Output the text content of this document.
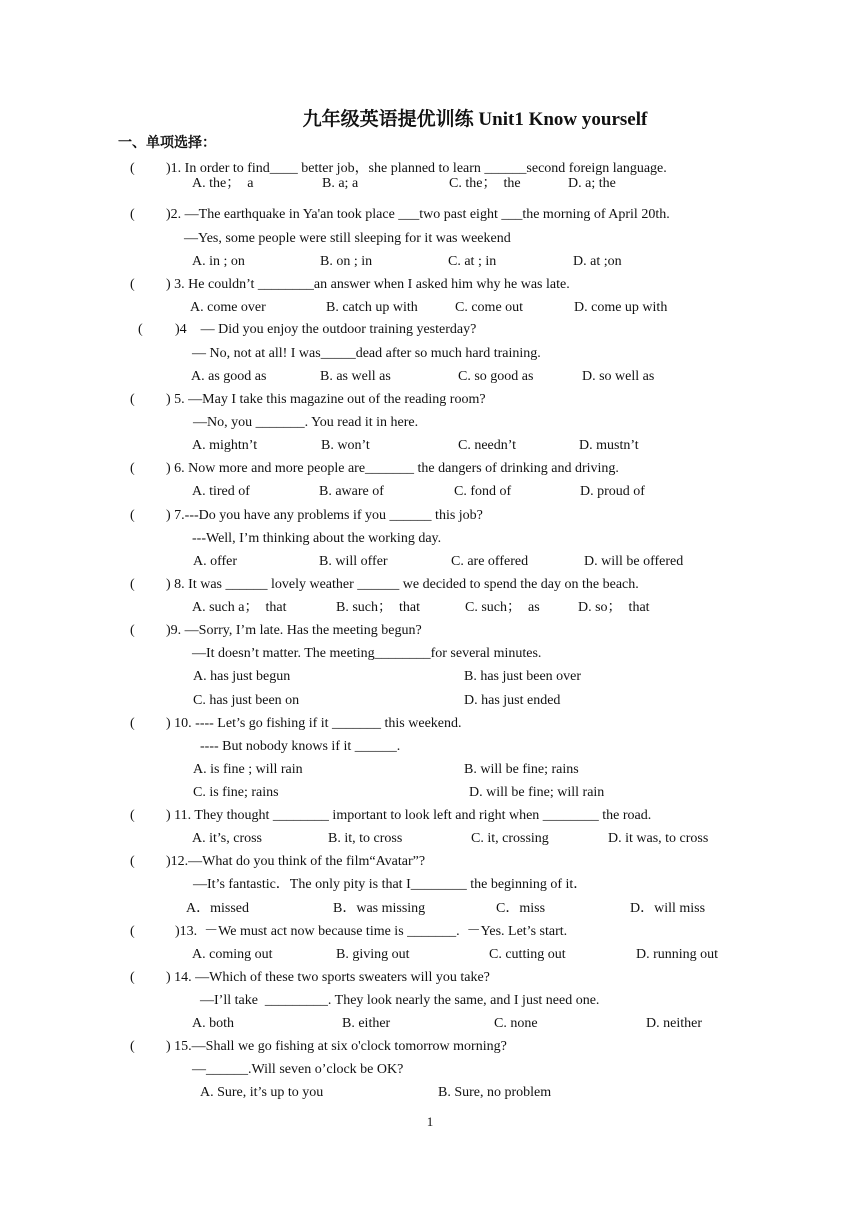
九年级英语提优训练 Unit1 Know yourself
一、单项选择：
( )1. In order to find____ better job，she planned to learn ______second foreign language.
A. the；  a	B. a; a	C. the；  the	D. a; the
( )2. —The earthquake in Ya'an took place ___two past eight ___the morning of April 20th.
—Yes, some people were still sleeping for it was weekend
A. in ; on	B. on ; in	C. at ; in	D. at ;on
( ) 3. He couldn’t ________an answer when I asked him why he was late.
A. come over	B. catch up with	C. come out	D. come up with
( )4    — Did you enjoy the outdoor training yesterday?
— No, not at all! I was_____dead after so much hard training.
A. as good as	B. as well as	C. so good as	D. so well as
( ) 5. —May I take this magazine out of the reading room?
—No, you _______. You read it in here.
A. mightn’t	B. won’t	C. needn’t	D. mustn’t
( ) 6. Now more and more people are_______ the dangers of drinking and driving.
A. tired of	B. aware of	C. fond of	D. proud of
( ) 7.---Do you have any problems if you ______ this job?
---Well, I’m thinking about the working day.
A. offer	B. will offer	C. are offered	D. will be offered
( ) 8. It was ______ lovely weather ______ we decided to spend the day on the beach.
A. such a；  that	B. such；  that	C. such；  as	D. so；  that
( )9. —Sorry, I’m late. Has the meeting begun?
—It doesn’t matter. The meeting________for several minutes.
A. has just begun	B. has just been over
C. has just been on	D. has just ended
( ) 10. ---- Let’s go fishing if it _______ this weekend.
---- But nobody knows if it ______.
A. is fine ; will rain	B. will be fine; rains
C. is fine; rains	D. will be fine; will rain
( ) 11. They thought ________ important to look left and right when ________ the road.
A. it’s, cross	B. it, to cross	C. it, crossing	D. it was, to cross
( )12.—What do you think of the film“Avatar”?
—It’s fantastic．The only pity is that I________ the beginning of it．
A．missed	B．was missing	C．miss	D．will miss
(	)13.  －We must act now because time is _______.  －Yes. Let’s start.
A. coming out	B. giving out	C. cutting out	D. running out
( ) 14. —Which of these two sports sweaters will you take?
—I’ll take  _________. They look nearly the same, and I just need one.
A. both	B. either	C. none	D. neither
( ) 15.—Shall we go fishing at six o'clock tomorrow morning?
—______.Will seven o’clock be OK?
A. Sure, it’s up to you	B. Sure, no problem
1
